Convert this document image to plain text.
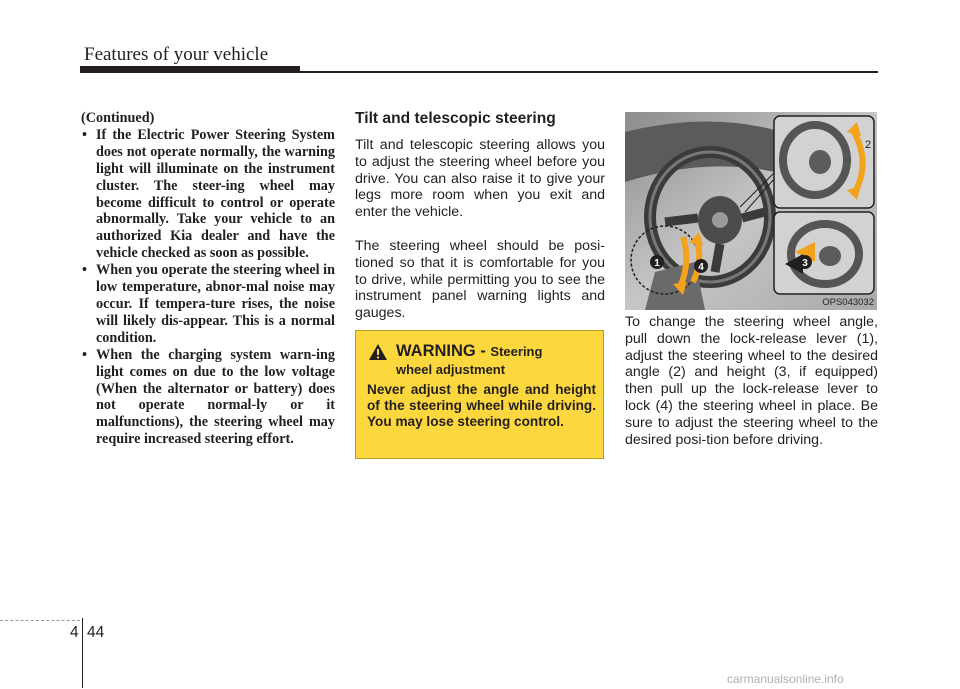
Features of your vehicle
(Continued)
• If the Electric Power Steering System does not operate normally, the warning light will illuminate on the instrument cluster. The steer-ing wheel may become difficult to control or operate abnormally. Take your vehicle to an authorized Kia dealer and have the vehicle checked as soon as possible.
• When you operate the steering wheel in low temperature, abnor-mal noise may occur. If tempera-ture rises, the noise will likely dis-appear. This is a normal condition.
• When the charging system warn-ing light comes on due to the low voltage (When the alternator or battery) does not operate normal-ly or it malfunctions), the steering wheel may require increased steering effort.
Tilt and telescopic steering

Tilt and telescopic steering allows you to adjust the steering wheel before you drive. You can also raise it to give your legs more room when you exit and enter the vehicle.

The steering wheel should be posi-tioned so that it is comfortable for you to drive, while permitting you to see the instrument panel warning lights and gauges.

WARNING - Steering
wheel adjustment
Never adjust the angle and height of the steering wheel while driving. You may lose steering control.
1	4
2
3
OPS043032
To change the steering wheel angle, pull down the lock-release lever (1), adjust the steering wheel to the desired angle (2) and height (3, if equipped) then pull up the lock-release lever to lock (4) the steering wheel in place. Be sure to adjust the steering wheel to the desired posi-tion before driving.
4 44
carmanualsonline.info
